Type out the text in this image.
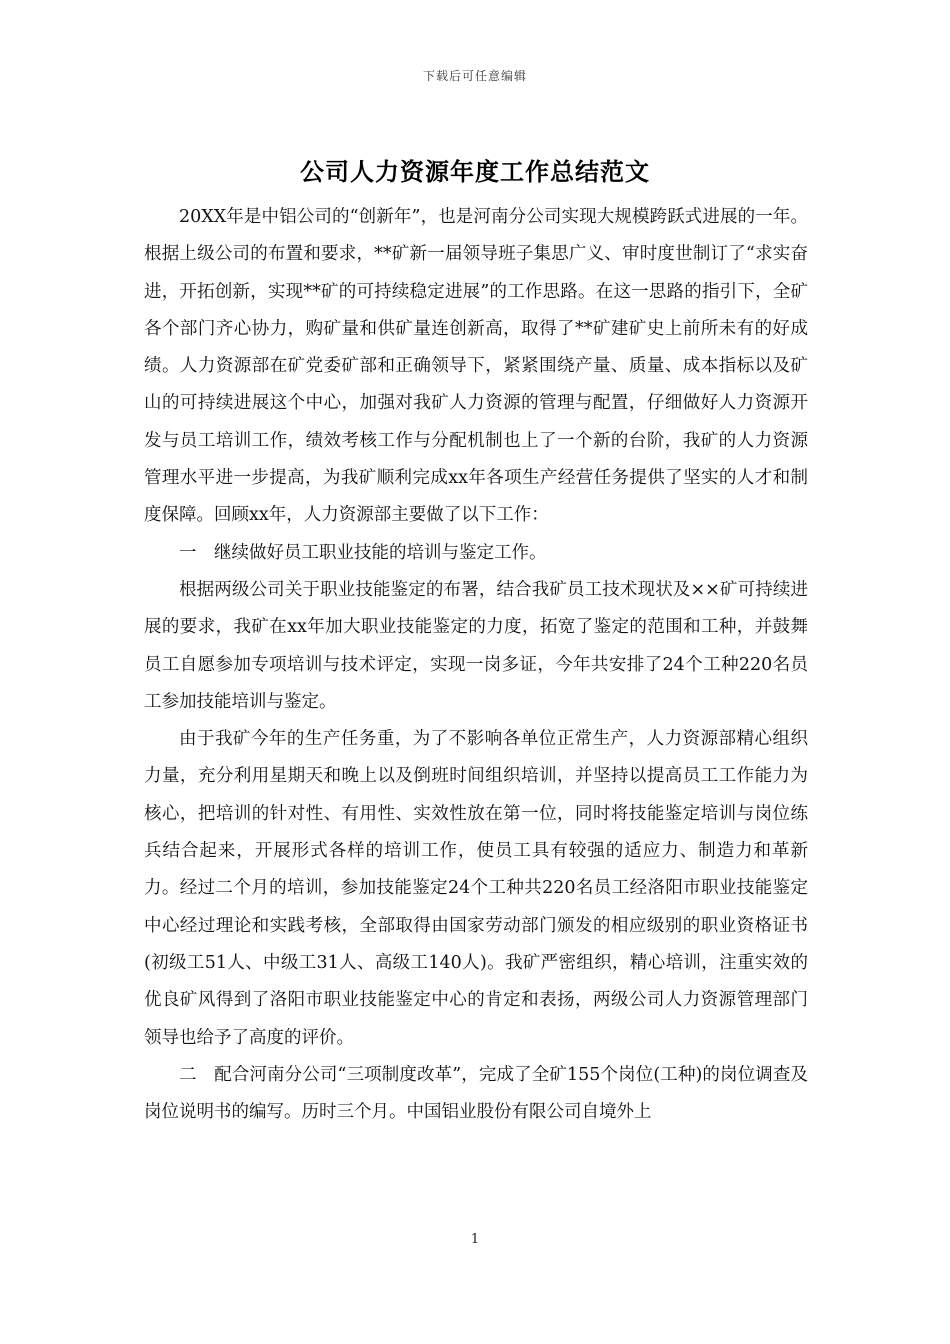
下载后可任意编辑
公司人力资源年度工作总结范文

20XX年是中铝公司的“创新年”，也是河南分公司实现大规模跨跃式进展的一年。根据上级公司的布置和要求，**矿新一届领导班子集思广义、审时度世制订了“求实奋进，开拓创新，实现**矿的可持续稳定进展”的工作思路。在这一思路的指引下，全矿各个部门齐心协力，购矿量和供矿量连创新高，取得了**矿建矿史上前所未有的好成绩。人力资源部在矿党委矿部和正确领导下，紧紧围绕产量、质量、成本指标以及矿山的可持续进展这个中心，加强对我矿人力资源的管理与配置，仔细做好人力资源开发与员工培训工作，绩效考核工作与分配机制也上了一个新的台阶，我矿的人力资源管理水平进一步提高，为我矿顺利完成xx年各项生产经营任务提供了坚实的人才和制度保障。回顾xx年，人力资源部主要做了以下工作：

一　继续做好员工职业技能的培训与鉴定工作。

根据两级公司关于职业技能鉴定的布署，结合我矿员工技术现状及××矿可持续进展的要求，我矿在xx年加大职业技能鉴定的力度，拓宽了鉴定的范围和工种，并鼓舞员工自愿参加专项培训与技术评定，实现一岗多证，今年共安排了24个工种220名员工参加技能培训与鉴定。

由于我矿今年的生产任务重，为了不影响各单位正常生产，人力资源部精心组织力量，充分利用星期天和晚上以及倒班时间组织培训，并坚持以提高员工工作能力为核心，把培训的针对性、有用性、实效性放在第一位，同时将技能鉴定培训与岗位练兵结合起来，开展形式各样的培训工作，使员工具有较强的适应力、制造力和革新力。经过二个月的培训，参加技能鉴定24个工种共220名员工经洛阳市职业技能鉴定中心经过理论和实践考核，全部取得由国家劳动部门颁发的相应级别的职业资格证书(初级工51人、中级工31人、高级工140人)。我矿严密组织，精心培训，注重实效的优良矿风得到了洛阳市职业技能鉴定中心的肯定和表扬，两级公司人力资源管理部门领导也给予了高度的评价。

二　配合河南分公司“三项制度改革”，完成了全矿155个岗位(工种)的岗位调查及岗位说明书的编写。历时三个月。中国铝业股份有限公司自境外上

1
